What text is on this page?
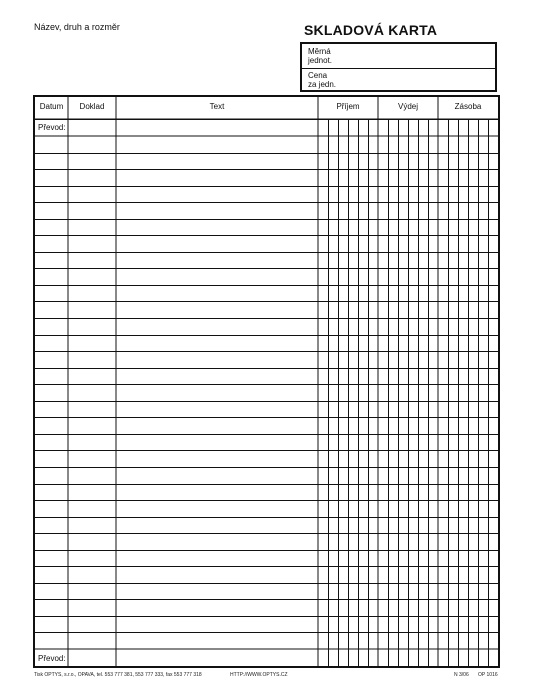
Název, druh a rozměr	SKLADOVÁ KARTA
Měrná
jednot.
Cena
za jedn.
Datum	Doklad	Text	Příjem	Výdej	Zásoba
Převod:
Převod:
Tisk OPTYS, s.r.o., OPAVA, tel. 553 777 381, 553 777 333, fax 553 777 318	HTTP://WWW.OPTYS.CZ	N 3/06 OP 1016
